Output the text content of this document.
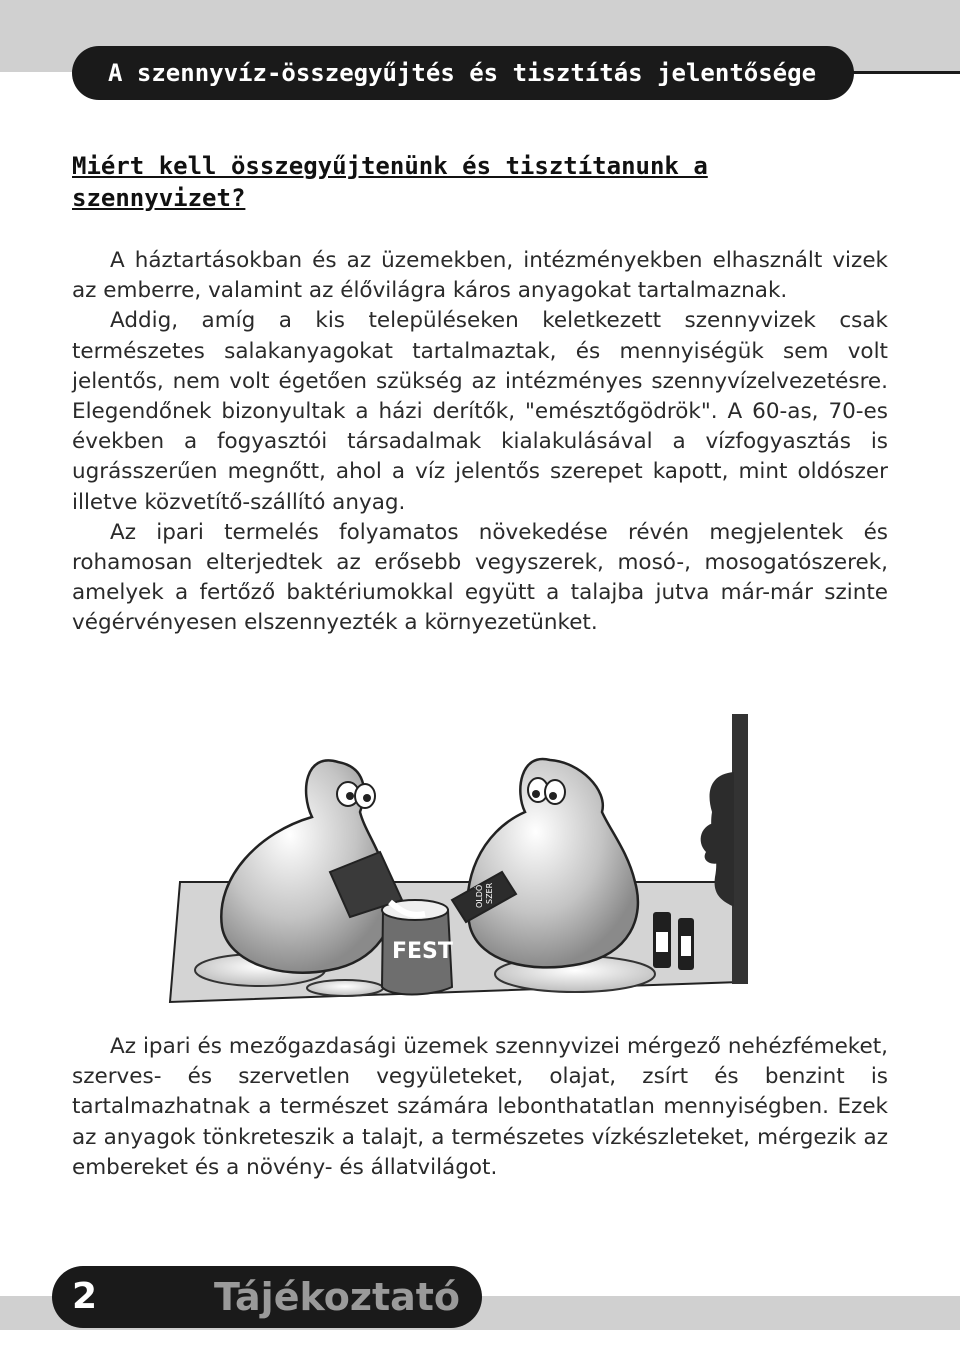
A szennyvíz-összegyűjtés és tisztítás jelentősége
Miért kell összegyűjtenünk és tisztítanunk a szennyvizet?

A háztartásokban és az üzemekben, intézményekben elhasznált vizek az emberre, valamint az élővilágra káros anyagokat tartalmaznak.

Addig, amíg a kis településeken keletkezett szennyvizek csak természetes salakanyagokat tartalmaztak, és mennyiségük sem volt jelentős, nem volt égetően szükség az intézményes szennyvízelvezetésre. Elegendőnek bizonyultak a házi derítők, "emésztőgödrök". A 60-as, 70-es években a fogyasztói társadalmak kialakulásával a vízfogyasztás is ugrásszerűen megnőtt, ahol a víz jelentős szerepet kapott, mint oldószer illetve közvetítő-szállító anyag.

Az ipari termelés folyamatos növekedése révén megjelentek és rohamosan elterjedtek az erősebb vegyszerek, mosó-, mosogatószerek, amelyek a fertőző baktériumokkal együtt a talajba jutva már-már szinte végérvényesen elszennyezték a környezetünket.

FEST
OLDÓ SZER

Az ipari és mezőgazdasági üzemek szennyvizei mérgező nehézfémeket, szerves- és szervetlen vegyületeket, olajat, zsírt és benzint is tartalmazhatnak a természet számára lebonthatatlan mennyiségben. Ezek az anyagok tönkreteszik a talajt, a természetes vízkészleteket, mérgezik az embereket és a növény- és állatvilágot.

2	Tájékoztató
